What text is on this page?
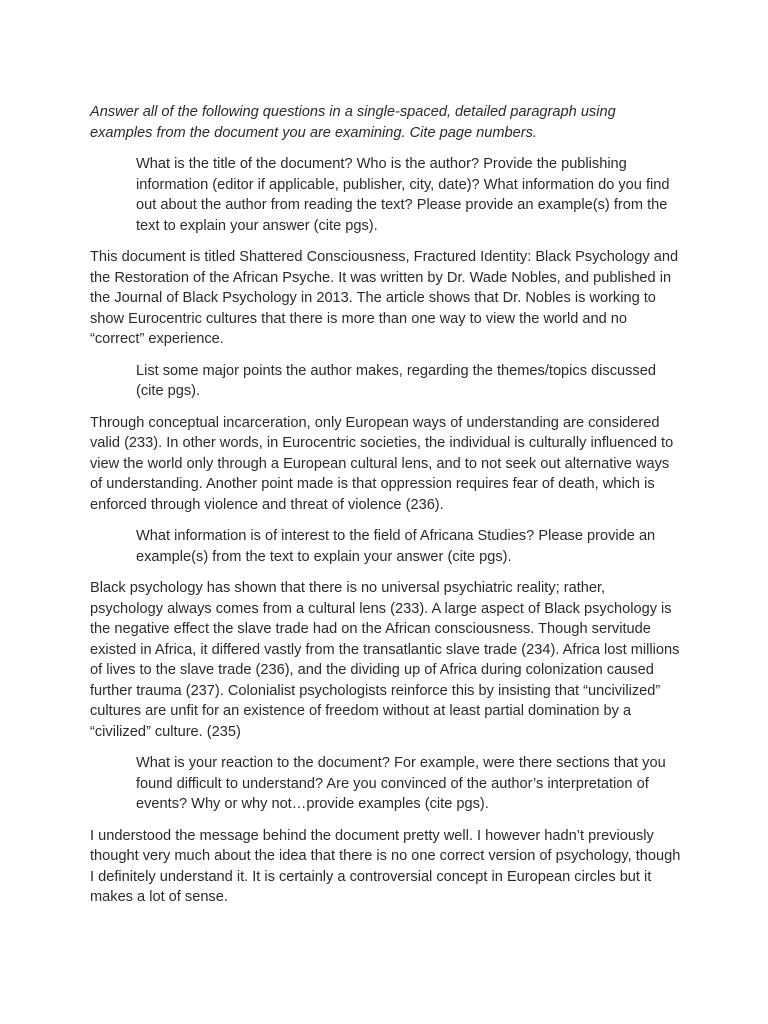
Answer all of the following questions in a single-spaced, detailed paragraph using examples from the document you are examining. Cite page numbers.

What is the title of the document? Who is the author? Provide the publishing information (editor if applicable, publisher, city, date)? What information do you find out about the author from reading the text? Please provide an example(s) from the text to explain your answer (cite pgs).

This document is titled Shattered Consciousness, Fractured Identity: Black Psychology and the Restoration of the African Psyche. It was written by Dr. Wade Nobles, and published in the Journal of Black Psychology in 2013. The article shows that Dr. Nobles is working to show Eurocentric cultures that there is more than one way to view the world and no “correct” experience.

List some major points the author makes, regarding the themes/topics discussed (cite pgs).

Through conceptual incarceration, only European ways of understanding are considered valid (233). In other words, in Eurocentric societies, the individual is culturally influenced to view the world only through a European cultural lens, and to not seek out alternative ways of understanding. Another point made is that oppression requires fear of death, which is enforced through violence and threat of violence (236).

What information is of interest to the field of Africana Studies? Please provide an example(s) from the text to explain your answer (cite pgs).

Black psychology has shown that there is no universal psychiatric reality; rather, psychology always comes from a cultural lens (233). A large aspect of Black psychology is the negative effect the slave trade had on the African consciousness. Though servitude existed in Africa, it differed vastly from the transatlantic slave trade (234). Africa lost millions of lives to the slave trade (236), and the dividing up of Africa during colonization caused further trauma (237). Colonialist psychologists reinforce this by insisting that “uncivilized” cultures are unfit for an existence of freedom without at least partial domination by a “civilized” culture. (235)

What is your reaction to the document? For example, were there sections that you found difficult to understand? Are you convinced of the author’s interpretation of events? Why or why not…provide examples (cite pgs).

I understood the message behind the document pretty well. I however hadn’t previously thought very much about the idea that there is no one correct version of psychology, though I definitely understand it. It is certainly a controversial concept in European circles but it makes a lot of sense.
